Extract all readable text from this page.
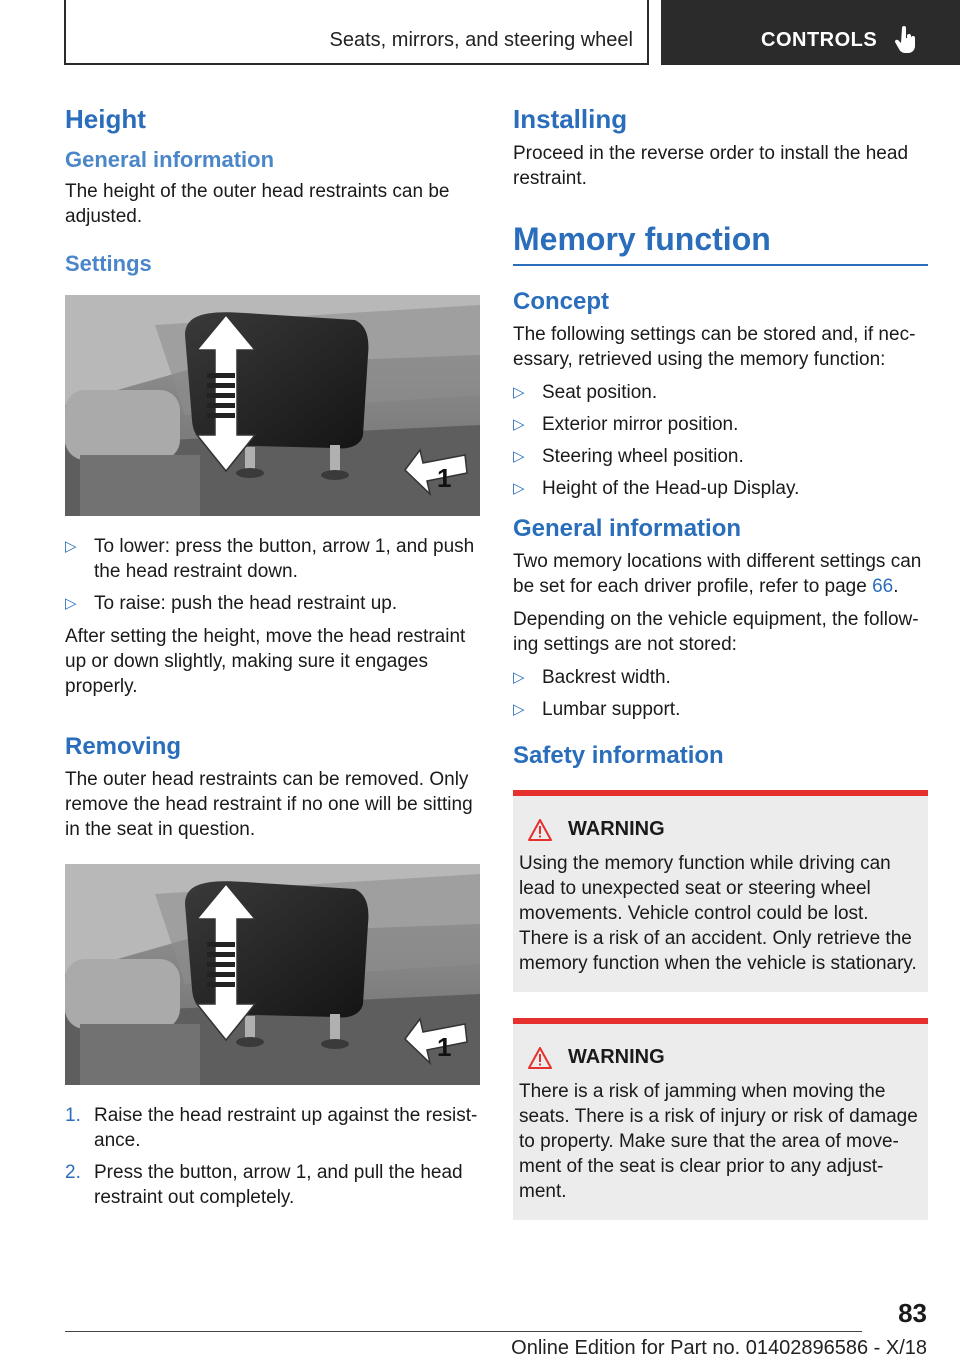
Seats, mirrors, and steering wheel	CONTROLS
Height
General information

The height of the outer head restraints can be adjusted.

Settings
1
▷ To lower: press the button, arrow 1, and push the head restraint down.
▷ To raise: push the head restraint up.

After setting the height, move the head restraint up or down slightly, making sure it engages properly.

Removing

The outer head restraints can be removed. Only remove the head restraint if no one will be sitting in the seat in question.

1
1. Raise the head restraint up against the resist‐ance.
2. Press the button, arrow 1, and pull the head restraint out completely.
Installing

Proceed in the reverse order to install the head restraint.

Memory function
Concept

The following settings can be stored and, if nec‐essary, retrieved using the memory function:

▷ Seat position.
▷ Exterior mirror position.
▷ Steering wheel position.
▷ Height of the Head-up Display.
General information

Two memory locations with different settings can be set for each driver profile, refer to page 66.

Depending on the vehicle equipment, the follow‐ing settings are not stored:

▷ Backrest width.
▷ Lumbar support.
Safety information
WARNING

Using the memory function while driving can lead to unexpected seat or steering wheel movements. Vehicle control could be lost. There is a risk of an accident. Only retrieve the memory function when the vehicle is stationary.

WARNING

There is a risk of jamming when moving the seats. There is a risk of injury or risk of damage to property. Make sure that the area of move‐ment of the seat is clear prior to any adjust‐ment.

83
Online Edition for Part no. 01402896586 - X/18
